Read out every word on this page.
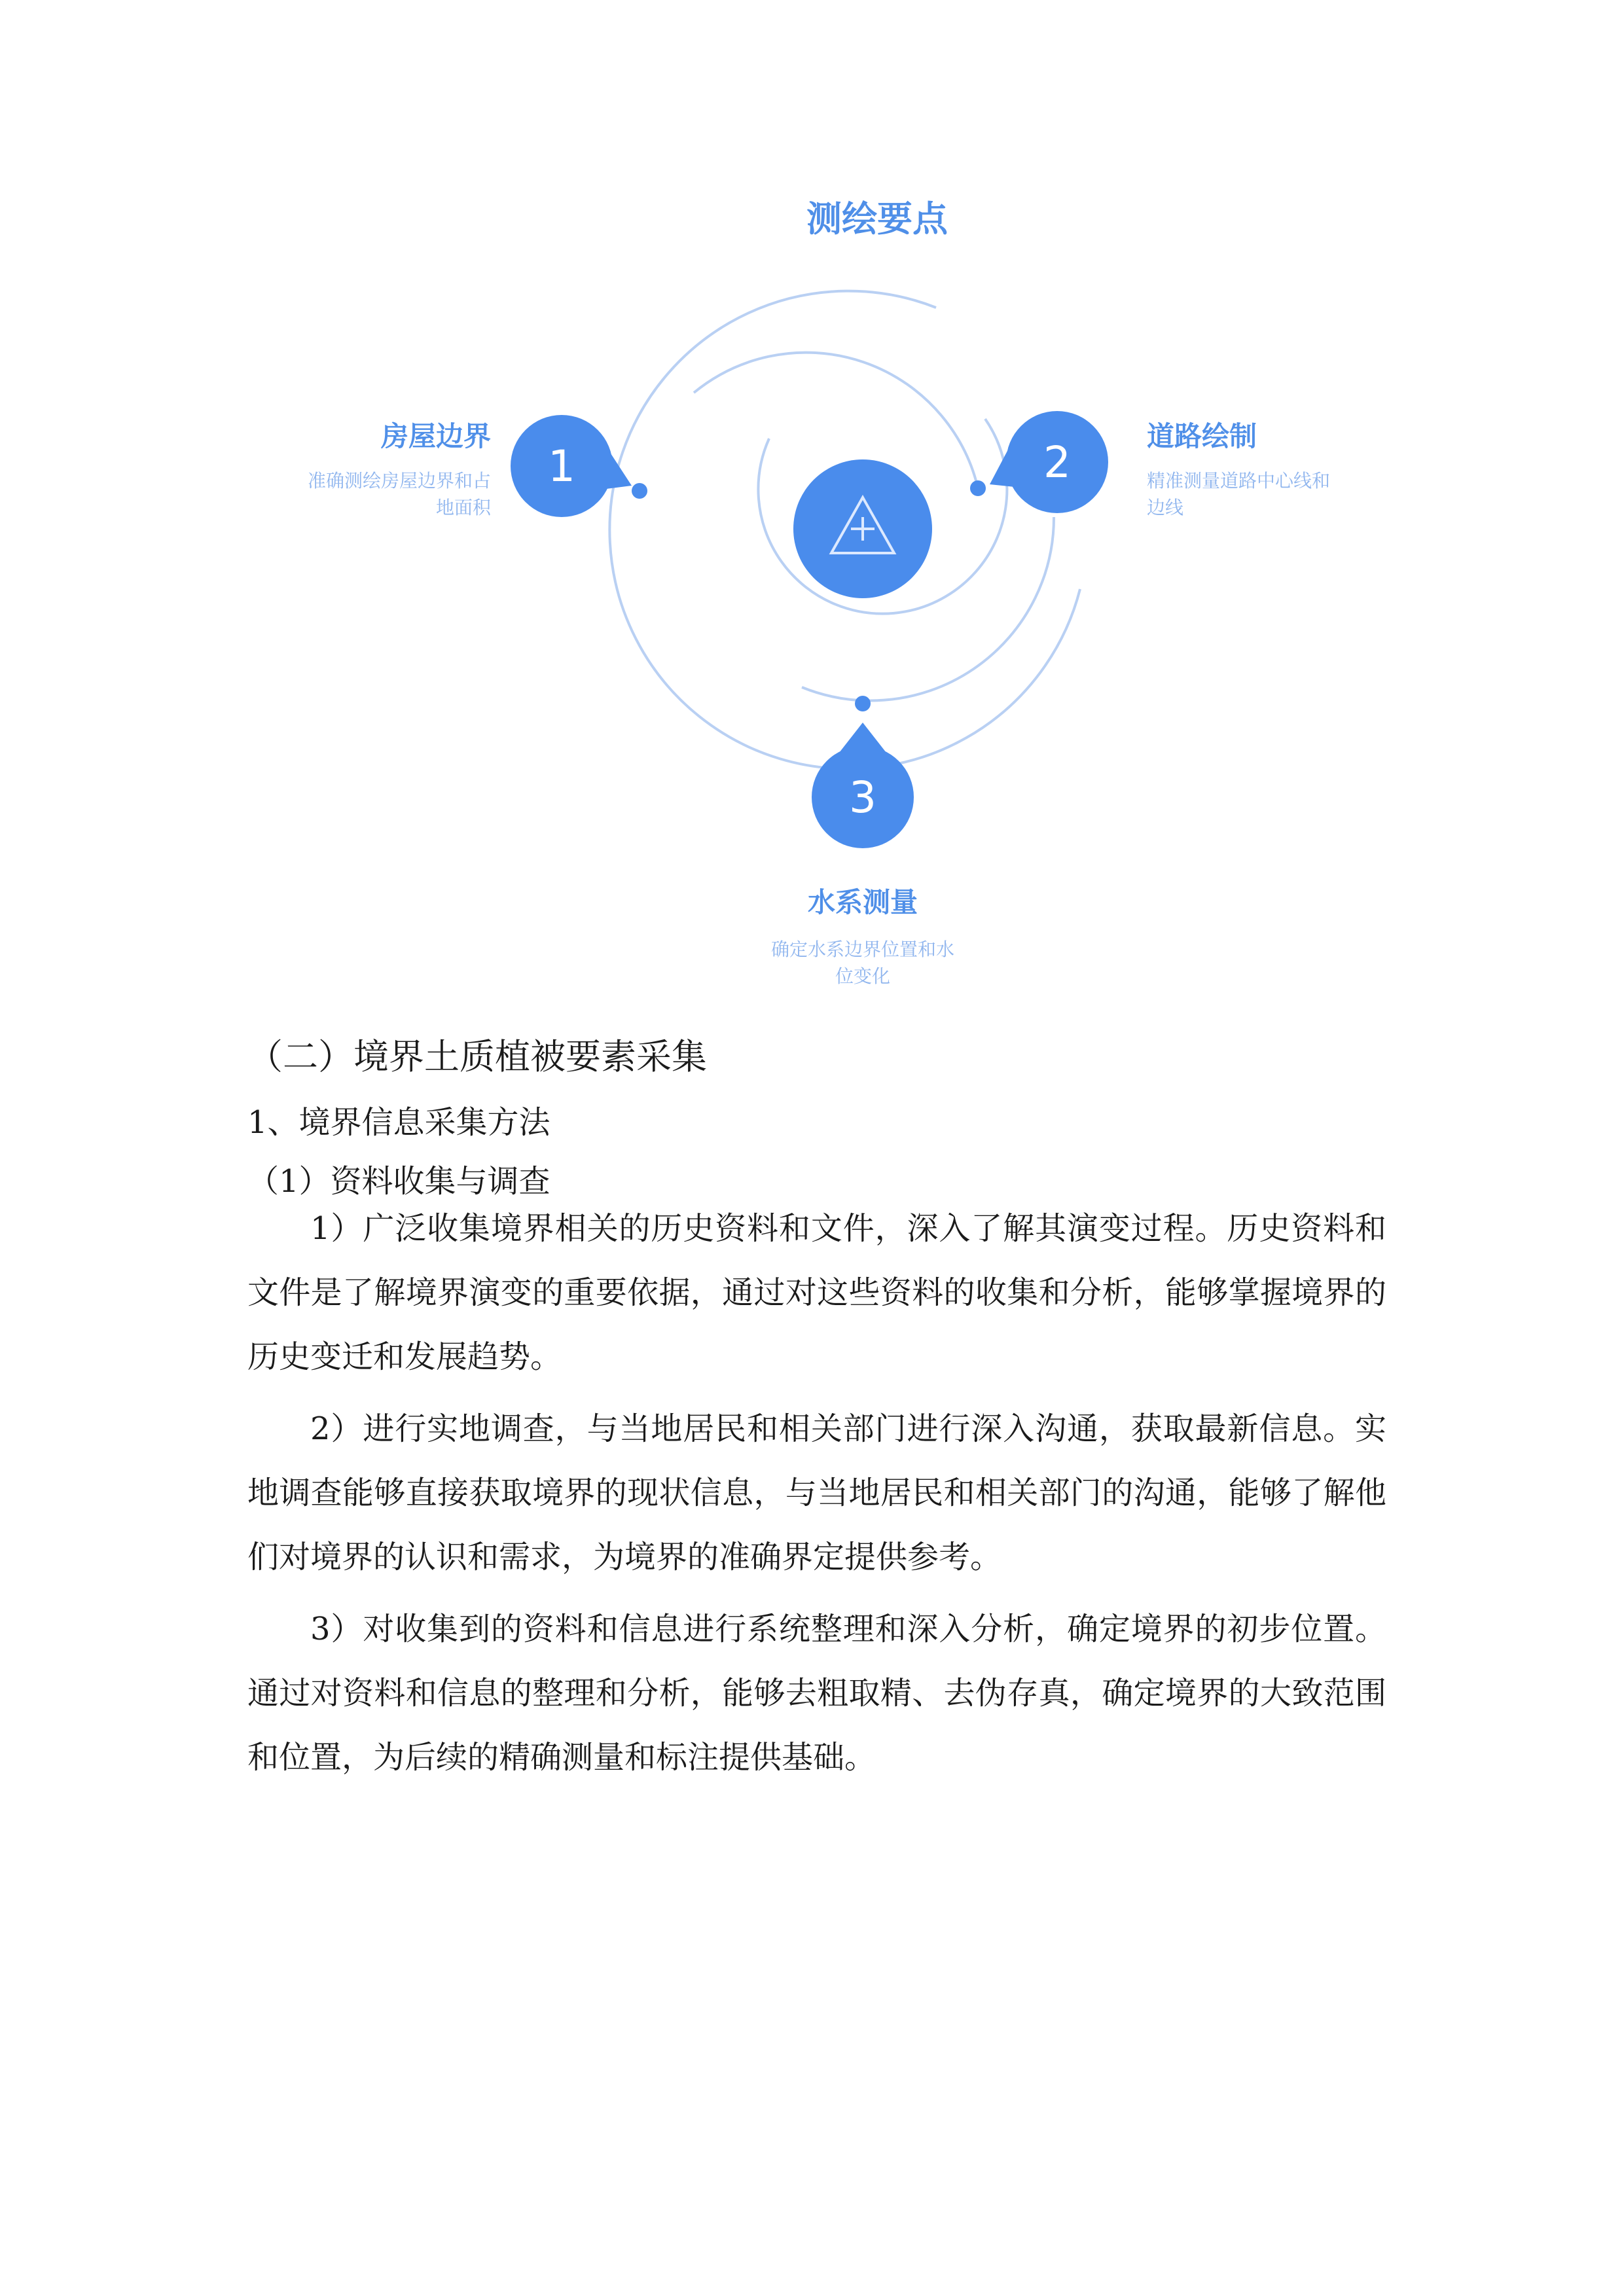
测绘要点
1	2
3
房屋边界
准确测绘房屋边界和占
地面积
道路绘制
精准测量道路中心线和
边线
水系测量
确定水系边界位置和水
位变化
（二）境界土质植被要素采集
1、境界信息采集方法
（1）资料收集与调查

1）广泛收集境界相关的历史资料和文件，深入了解其演变过程。历史资料和文件是了解境界演变的重要依据，通过对这些资料的收集和分析，能够掌握境界的历史变迁和发展趋势。

2）进行实地调查，与当地居民和相关部门进行深入沟通，获取最新信息。实地调查能够直接获取境界的现状信息，与当地居民和相关部门的沟通，能够了解他们对境界的认识和需求，为境界的准确界定提供参考。

3）对收集到的资料和信息进行系统整理和深入分析，确定境界的初步位置。通过对资料和信息的整理和分析，能够去粗取精、去伪存真，确定境界的大致范围和位置，为后续的精确测量和标注提供基础。
